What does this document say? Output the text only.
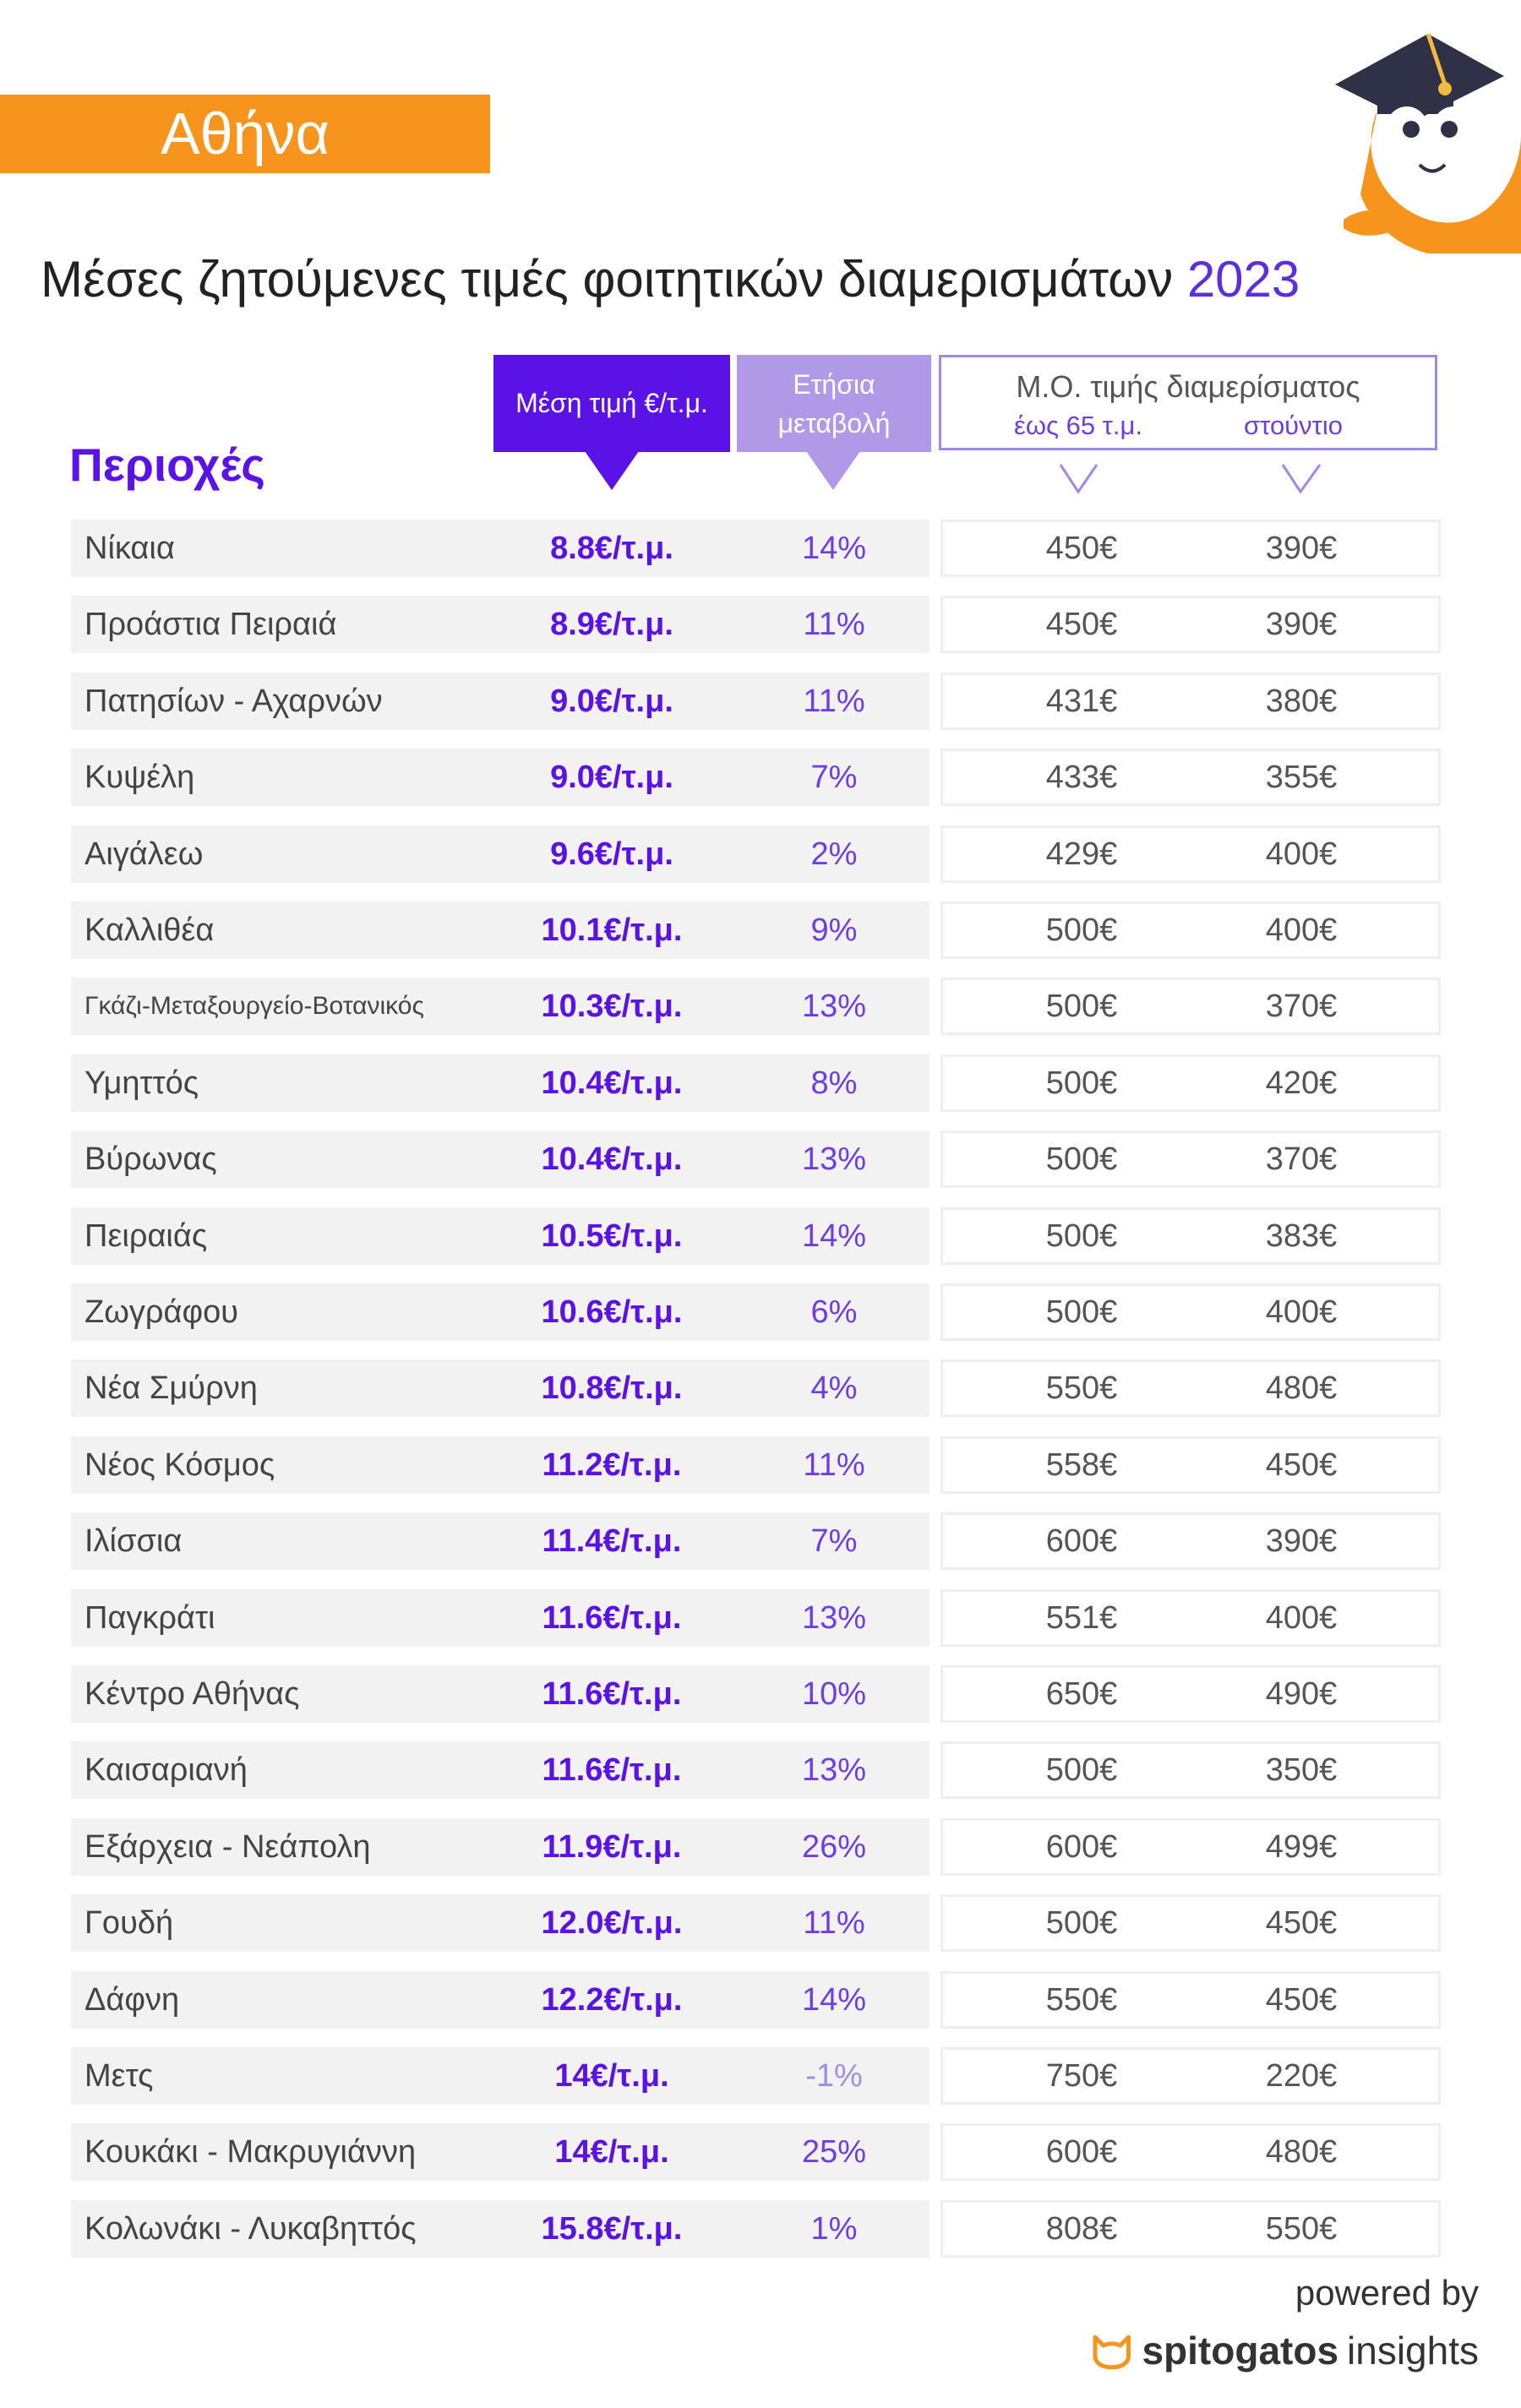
Αθήνα
Μέσες ζητούμενες τιμές φοιτητικών διαμερισμάτων 2023
Μέση τιμή €/τ.μ.
Ετήσια
μεταβολή
Μ.Ο. τιμής διαμερίσματος
έως 65 τ.μ.	στούντιο
Περιοχές
Νίκαια	8.8€/τ.μ.	14%	450€	390€
Προάστια Πειραιά	8.9€/τ.μ.	11%	450€	390€
Πατησίων - Αχαρνών	9.0€/τ.μ.	11%	431€	380€
Κυψέλη	9.0€/τ.μ.	7%	433€	355€
Αιγάλεω	9.6€/τ.μ.	2%	429€	400€
Καλλιθέα	10.1€/τ.μ.	9%	500€	400€
Γκάζι-Μεταξουργείο-Βοτανικός	10.3€/τ.μ.	13%	500€	370€
Υμηττός	10.4€/τ.μ.	8%	500€	420€
Βύρωνας	10.4€/τ.μ.	13%	500€	370€
Πειραιάς	10.5€/τ.μ.	14%	500€	383€
Ζωγράφου	10.6€/τ.μ.	6%	500€	400€
Νέα Σμύρνη	10.8€/τ.μ.	4%	550€	480€
Νέος Κόσμος	11.2€/τ.μ.	11%	558€	450€
Ιλίσσια	11.4€/τ.μ.	7%	600€	390€
Παγκράτι	11.6€/τ.μ.	13%	551€	400€
Κέντρο Αθήνας	11.6€/τ.μ.	10%	650€	490€
Καισαριανή	11.6€/τ.μ.	13%	500€	350€
Εξάρχεια - Νεάπολη	11.9€/τ.μ.	26%	600€	499€
Γουδή	12.0€/τ.μ.	11%	500€	450€
Δάφνη	12.2€/τ.μ.	14%	550€	450€
Μετς	14€/τ.μ.	-1%	750€	220€
Κουκάκι - Μακρυγιάννη	14€/τ.μ.	25%	600€	480€
Κολωνάκι - Λυκαβηττός	15.8€/τ.μ.	1%	808€	550€
powered by
spitogatos insights
